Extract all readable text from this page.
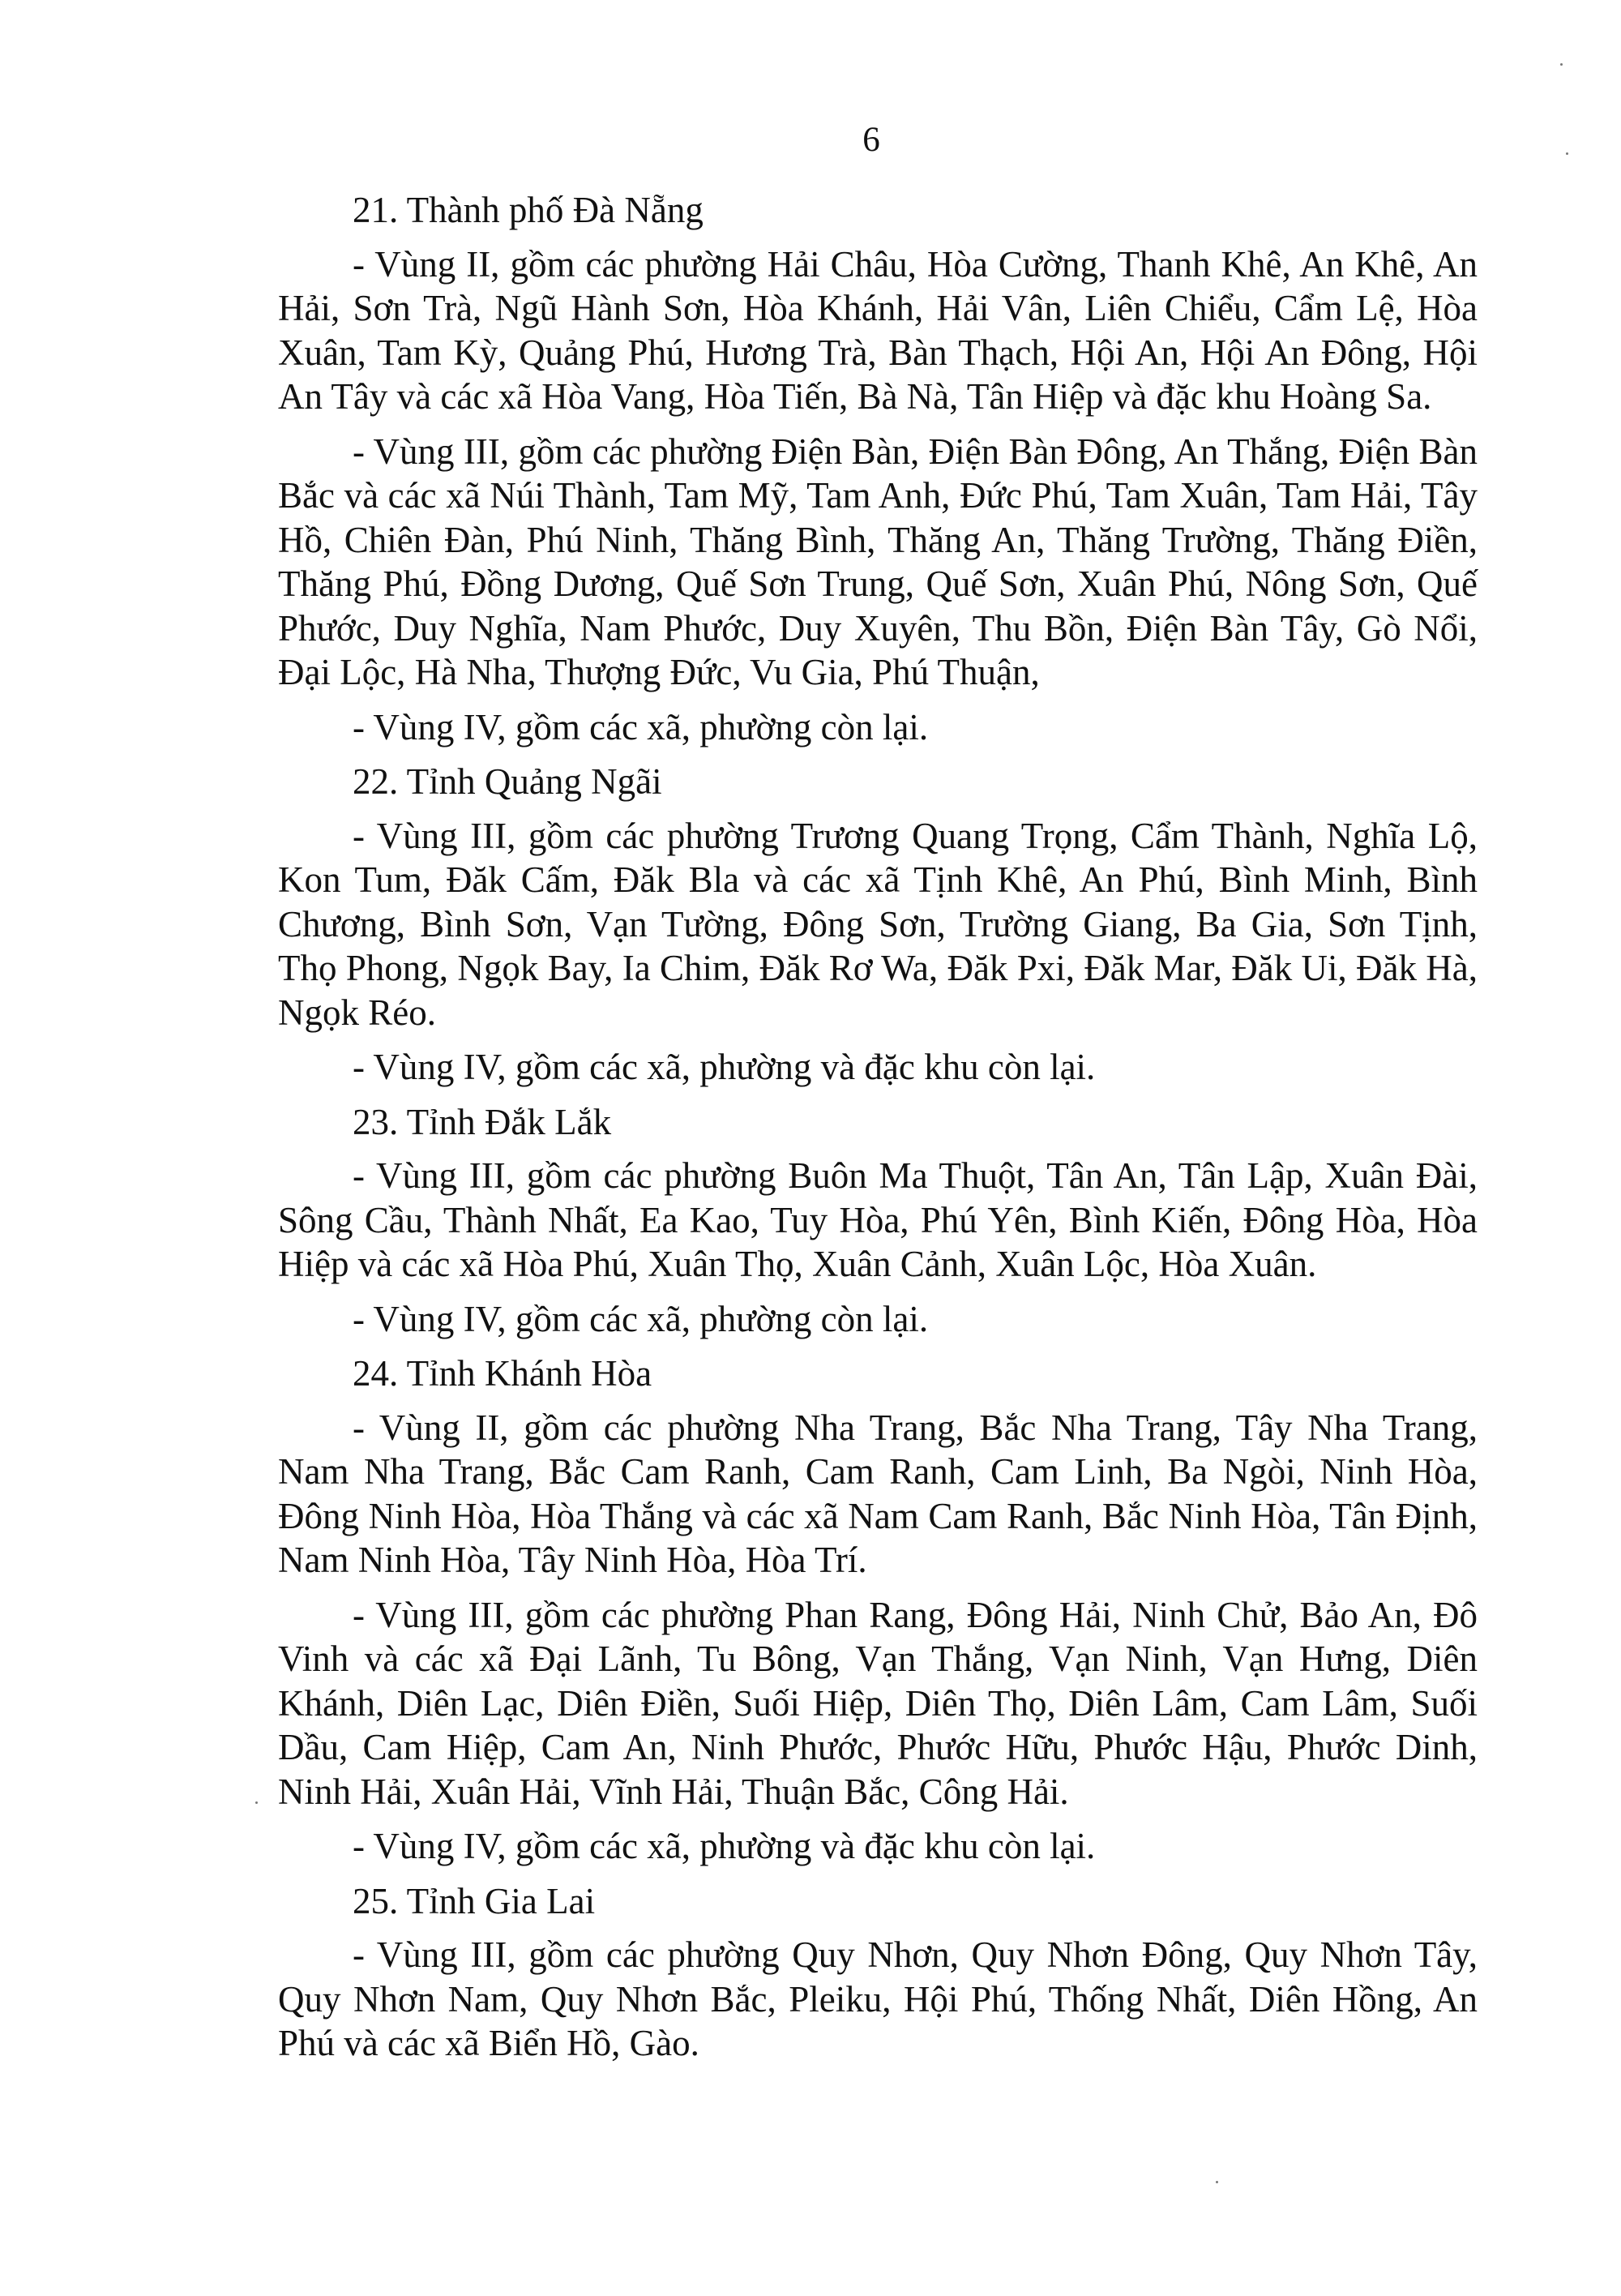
6

21. Thành phố Đà Nẵng

- Vùng II, gồm các phường Hải Châu, Hòa Cường, Thanh Khê, An Khê, An Hải, Sơn Trà, Ngũ Hành Sơn, Hòa Khánh, Hải Vân, Liên Chiểu, Cẩm Lệ, Hòa Xuân, Tam Kỳ, Quảng Phú, Hương Trà, Bàn Thạch, Hội An, Hội An Đông, Hội An Tây và các xã Hòa Vang, Hòa Tiến, Bà Nà, Tân Hiệp và đặc khu Hoàng Sa.

- Vùng III, gồm các phường Điện Bàn, Điện Bàn Đông, An Thắng, Điện Bàn Bắc và các xã Núi Thành, Tam Mỹ, Tam Anh, Đức Phú, Tam Xuân, Tam Hải, Tây Hồ, Chiên Đàn, Phú Ninh, Thăng Bình, Thăng An, Thăng Trường, Thăng Điền, Thăng Phú, Đồng Dương, Quế Sơn Trung, Quế Sơn, Xuân Phú, Nông Sơn, Quế Phước, Duy Nghĩa, Nam Phước, Duy Xuyên, Thu Bồn, Điện Bàn Tây, Gò Nổi, Đại Lộc, Hà Nha, Thượng Đức, Vu Gia, Phú Thuận,

- Vùng IV, gồm các xã, phường còn lại.

22. Tỉnh Quảng Ngãi

- Vùng III, gồm các phường Trương Quang Trọng, Cẩm Thành, Nghĩa Lộ, Kon Tum, Đăk Cấm, Đăk Bla và các xã Tịnh Khê, An Phú, Bình Minh, Bình Chương, Bình Sơn, Vạn Tường, Đông Sơn, Trường Giang, Ba Gia, Sơn Tịnh, Thọ Phong, Ngọk Bay, Ia Chim, Đăk Rơ Wa, Đăk Pxi, Đăk Mar, Đăk Ui, Đăk Hà, Ngọk Réo.

- Vùng IV, gồm các xã, phường và đặc khu còn lại.

23. Tỉnh Đắk Lắk

- Vùng III, gồm các phường Buôn Ma Thuột, Tân An, Tân Lập, Xuân Đài, Sông Cầu, Thành Nhất, Ea Kao, Tuy Hòa, Phú Yên, Bình Kiến, Đông Hòa, Hòa Hiệp và các xã Hòa Phú, Xuân Thọ, Xuân Cảnh, Xuân Lộc, Hòa Xuân.

- Vùng IV, gồm các xã, phường còn lại.

24. Tỉnh Khánh Hòa

- Vùng II, gồm các phường Nha Trang, Bắc Nha Trang, Tây Nha Trang, Nam Nha Trang, Bắc Cam Ranh, Cam Ranh, Cam Linh, Ba Ngòi, Ninh Hòa, Đông Ninh Hòa, Hòa Thắng và các xã Nam Cam Ranh, Bắc Ninh Hòa, Tân Định, Nam Ninh Hòa, Tây Ninh Hòa, Hòa Trí.

- Vùng III, gồm các phường Phan Rang, Đông Hải, Ninh Chử, Bảo An, Đô Vinh và các xã Đại Lãnh, Tu Bông, Vạn Thắng, Vạn Ninh, Vạn Hưng, Diên Khánh, Diên Lạc, Diên Điền, Suối Hiệp, Diên Thọ, Diên Lâm, Cam Lâm, Suối Dầu, Cam Hiệp, Cam An, Ninh Phước, Phước Hữu, Phước Hậu, Phước Dinh, Ninh Hải, Xuân Hải, Vĩnh Hải, Thuận Bắc, Công Hải.

- Vùng IV, gồm các xã, phường và đặc khu còn lại.

25. Tỉnh Gia Lai

- Vùng III, gồm các phường Quy Nhơn, Quy Nhơn Đông, Quy Nhơn Tây, Quy Nhơn Nam, Quy Nhơn Bắc, Pleiku, Hội Phú, Thống Nhất, Diên Hồng, An Phú và các xã Biển Hồ, Gào.
